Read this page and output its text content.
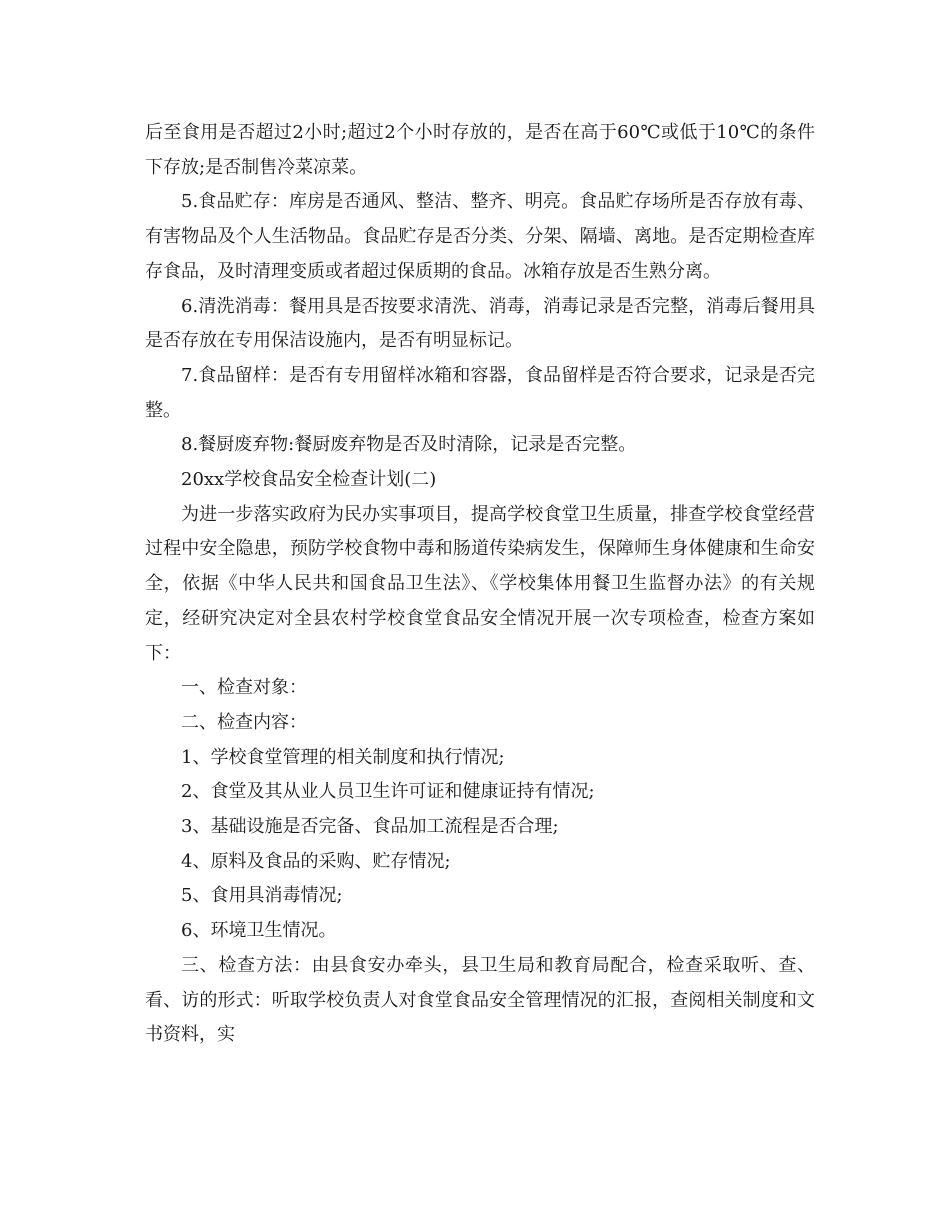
后至食用是否超过2小时;超过2个小时存放的，是否在高于60℃或低于10℃的条件下存放;是否制售冷菜凉菜。

5.食品贮存：库房是否通风、整洁、整齐、明亮。食品贮存场所是否存放有毒、有害物品及个人生活物品。食品贮存是否分类、分架、隔墙、离地。是否定期检查库存食品，及时清理变质或者超过保质期的食品。冰箱存放是否生熟分离。

6.清洗消毒：餐用具是否按要求清洗、消毒，消毒记录是否完整，消毒后餐用具是否存放在专用保洁设施内，是否有明显标记。

7.食品留样：是否有专用留样冰箱和容器，食品留样是否符合要求，记录是否完整。

8.餐厨废弃物:餐厨废弃物是否及时清除，记录是否完整。

20xx学校食品安全检查计划(二)

为进一步落实政府为民办实事项目，提高学校食堂卫生质量，排查学校食堂经营过程中安全隐患，预防学校食物中毒和肠道传染病发生，保障师生身体健康和生命安全，依据《中华人民共和国食品卫生法》、《学校集体用餐卫生监督办法》的有关规定，经研究决定对全县农村学校食堂食品安全情况开展一次专项检查，检查方案如下：

一、检查对象：

二、检查内容：

1、学校食堂管理的相关制度和执行情况;

2、食堂及其从业人员卫生许可证和健康证持有情况;

3、基础设施是否完备、食品加工流程是否合理;

4、原料及食品的采购、贮存情况;

5、食用具消毒情况;

6、环境卫生情况。

三、检查方法：由县食安办牵头，县卫生局和教育局配合，检查采取听、查、看、访的形式：听取学校负责人对食堂食品安全管理情况的汇报，查阅相关制度和文书资料，实
